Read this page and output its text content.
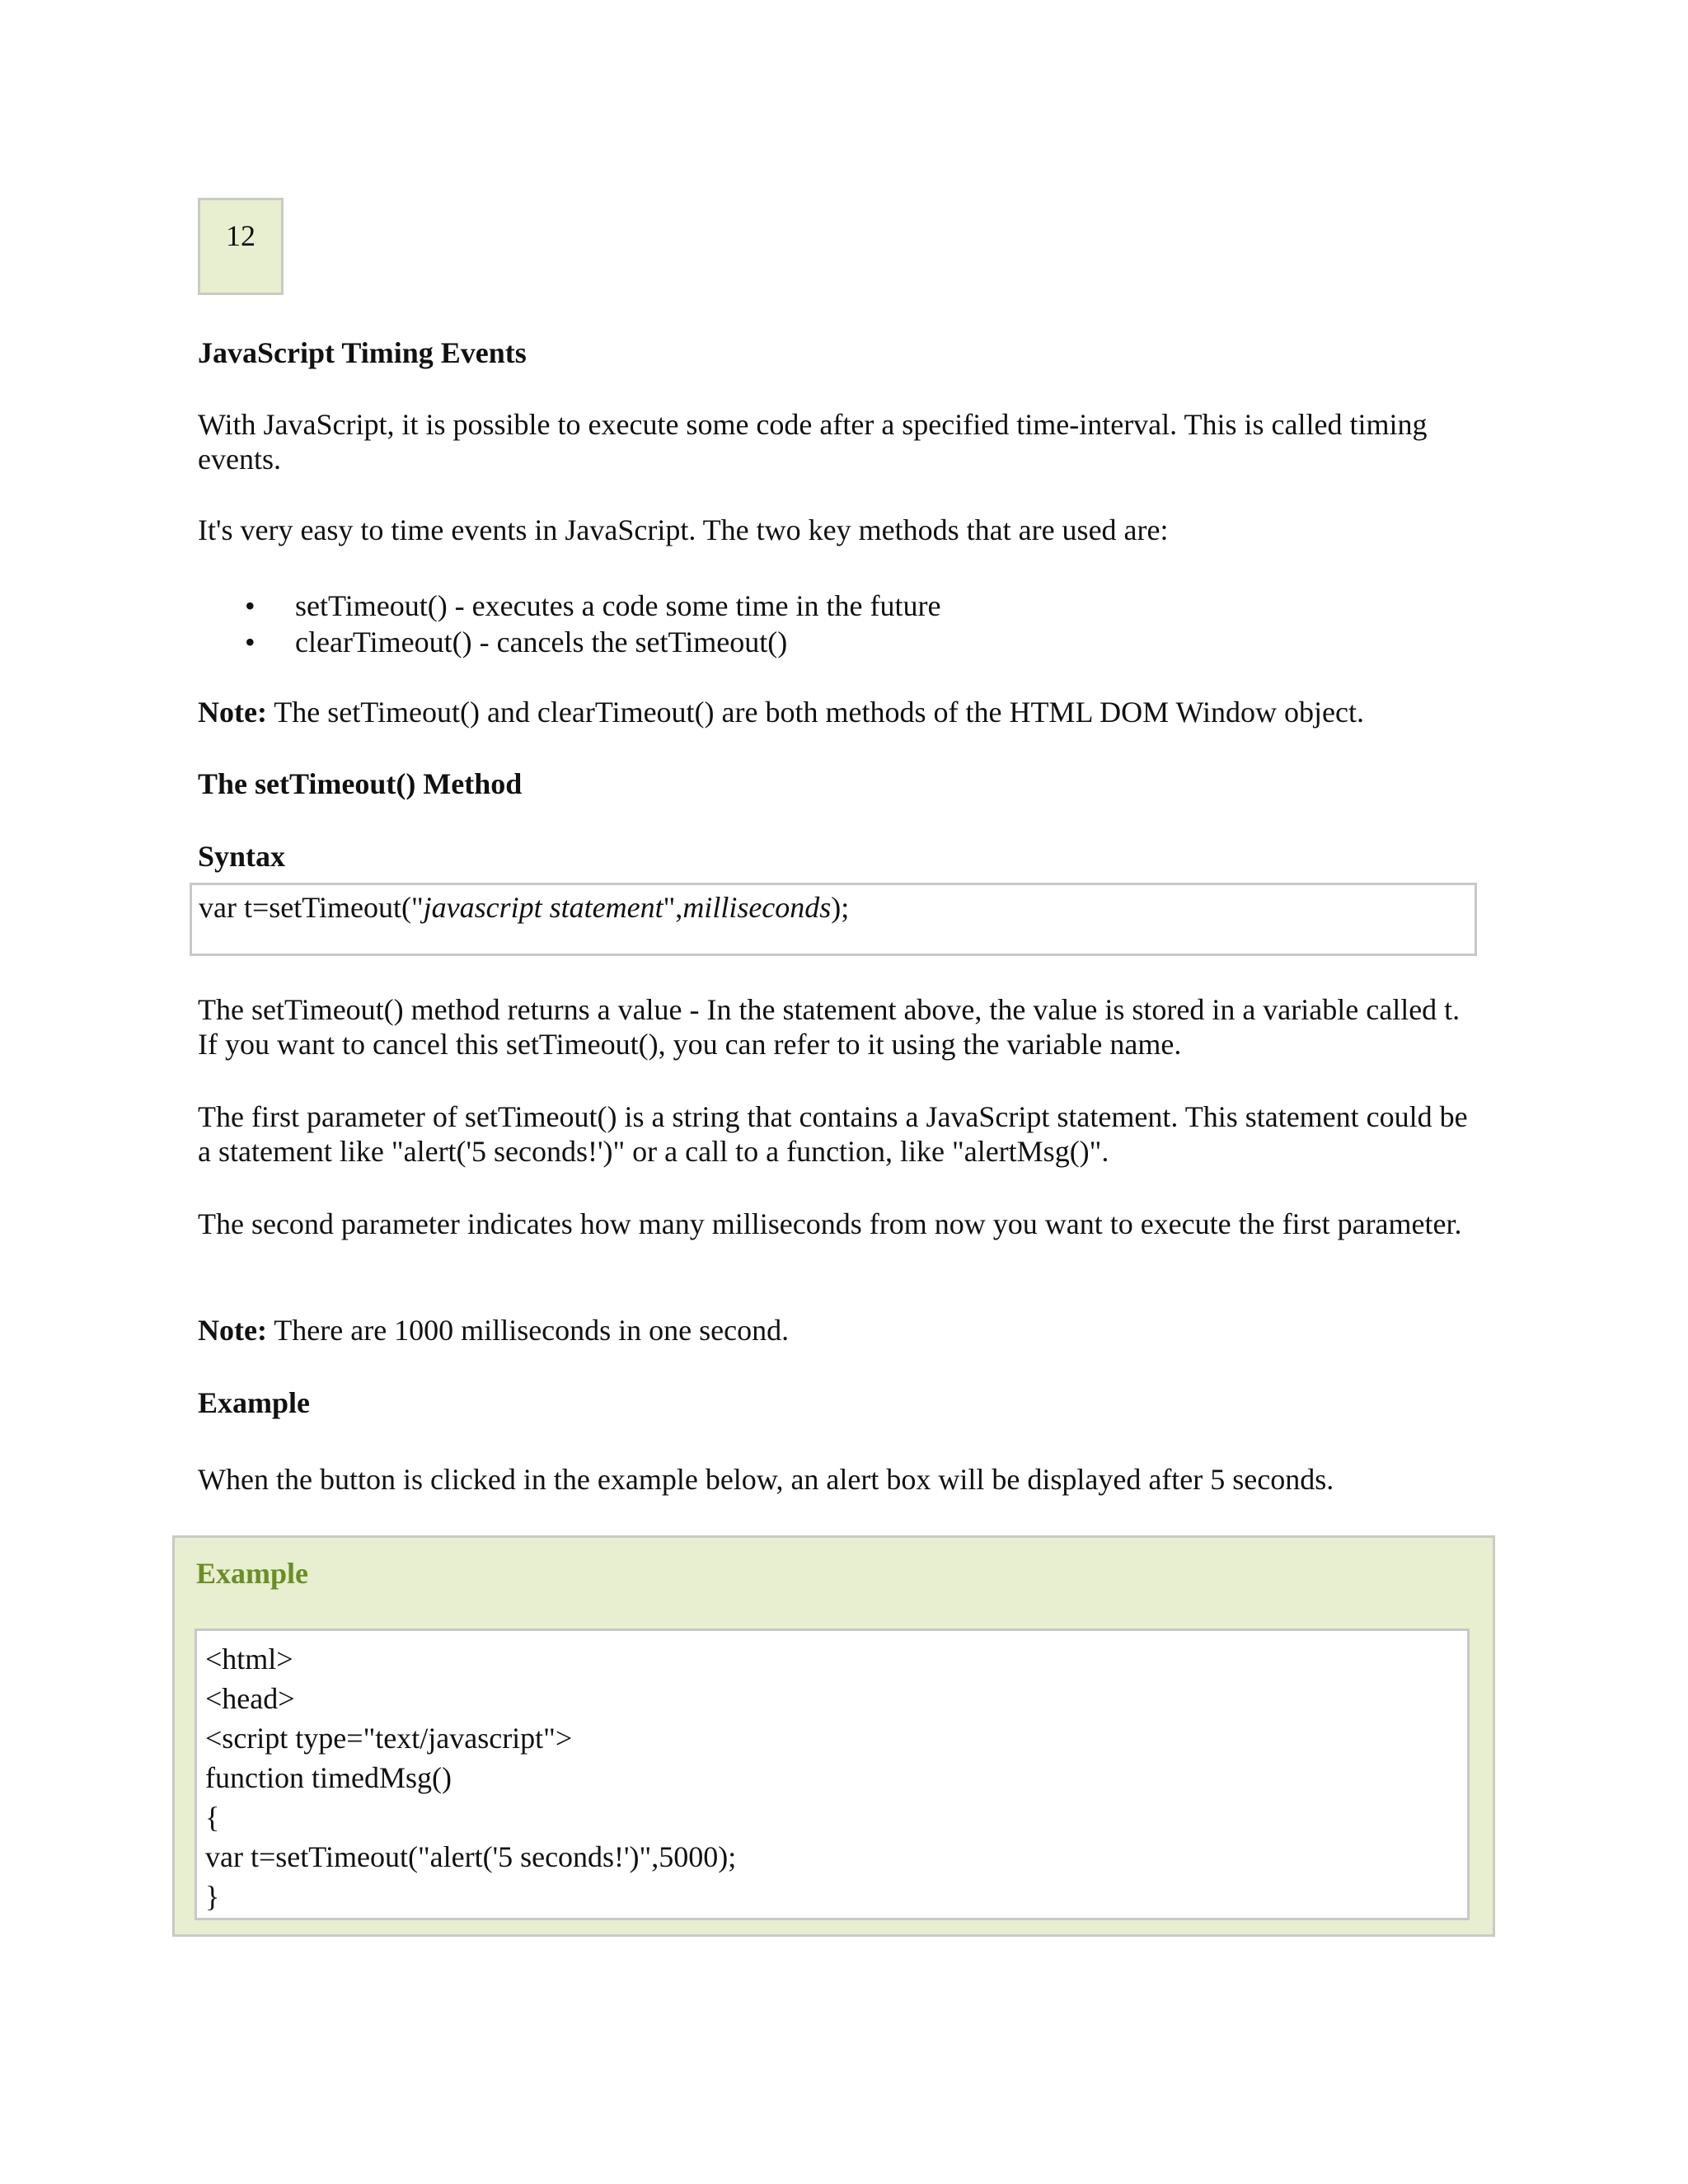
12

JavaScript Timing Events

With JavaScript, it is possible to execute some code after a specified time-interval. This is called timing events.

It's very easy to time events in JavaScript. The two key methods that are used are:

• setTimeout() - executes a code some time in the future
• clearTimeout() - cancels the setTimeout()

Note: The setTimeout() and clearTimeout() are both methods of the HTML DOM Window object.

The setTimeout() Method

Syntax

var t=setTimeout("javascript statement",milliseconds);

The setTimeout() method returns a value - In the statement above, the value is stored in a variable called t. If you want to cancel this setTimeout(), you can refer to it using the variable name.

The first parameter of setTimeout() is a string that contains a JavaScript statement. This statement could be a statement like "alert('5 seconds!')" or a call to a function, like "alertMsg()".

The second parameter indicates how many milliseconds from now you want to execute the first parameter.

Note: There are 1000 milliseconds in one second.

Example

When the button is clicked in the example below, an alert box will be displayed after 5 seconds.

Example
<html>
<head>
<script type="text/javascript">
function timedMsg()
{
var t=setTimeout("alert('5 seconds!')",5000);
}
